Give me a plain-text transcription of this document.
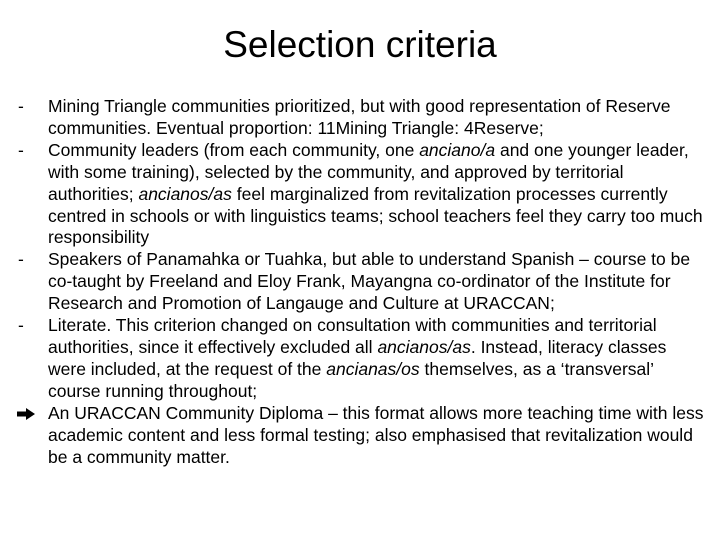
Selection criteria
-	Mining Triangle communities prioritized, but with good representation of Reserve communities. Eventual proportion: 11Mining Triangle: 4Reserve;
-	Community leaders (from each community, one anciano/a and one younger leader, with some training), selected by the community, and approved by territorial authorities; ancianos/as feel marginalized from revitalization processes currently centred in schools or with linguistics teams; school teachers feel they carry too much responsibility
-	Speakers of Panamahka or Tuahka, but able to understand Spanish – course to be co-taught by Freeland and Eloy Frank, Mayangna co-ordinator of the Institute for Research and Promotion of Langauge and Culture at URACCAN;
-	Literate. This criterion changed on consultation with communities and territorial authorities, since it effectively excluded all ancianos/as. Instead, literacy classes were included, at the request of the ancianas/os themselves, as a ‘transversal’ course running throughout;
An URACCAN Community Diploma – this format allows more teaching time with less academic content and less formal testing; also emphasised that revitalization would be a community matter.
